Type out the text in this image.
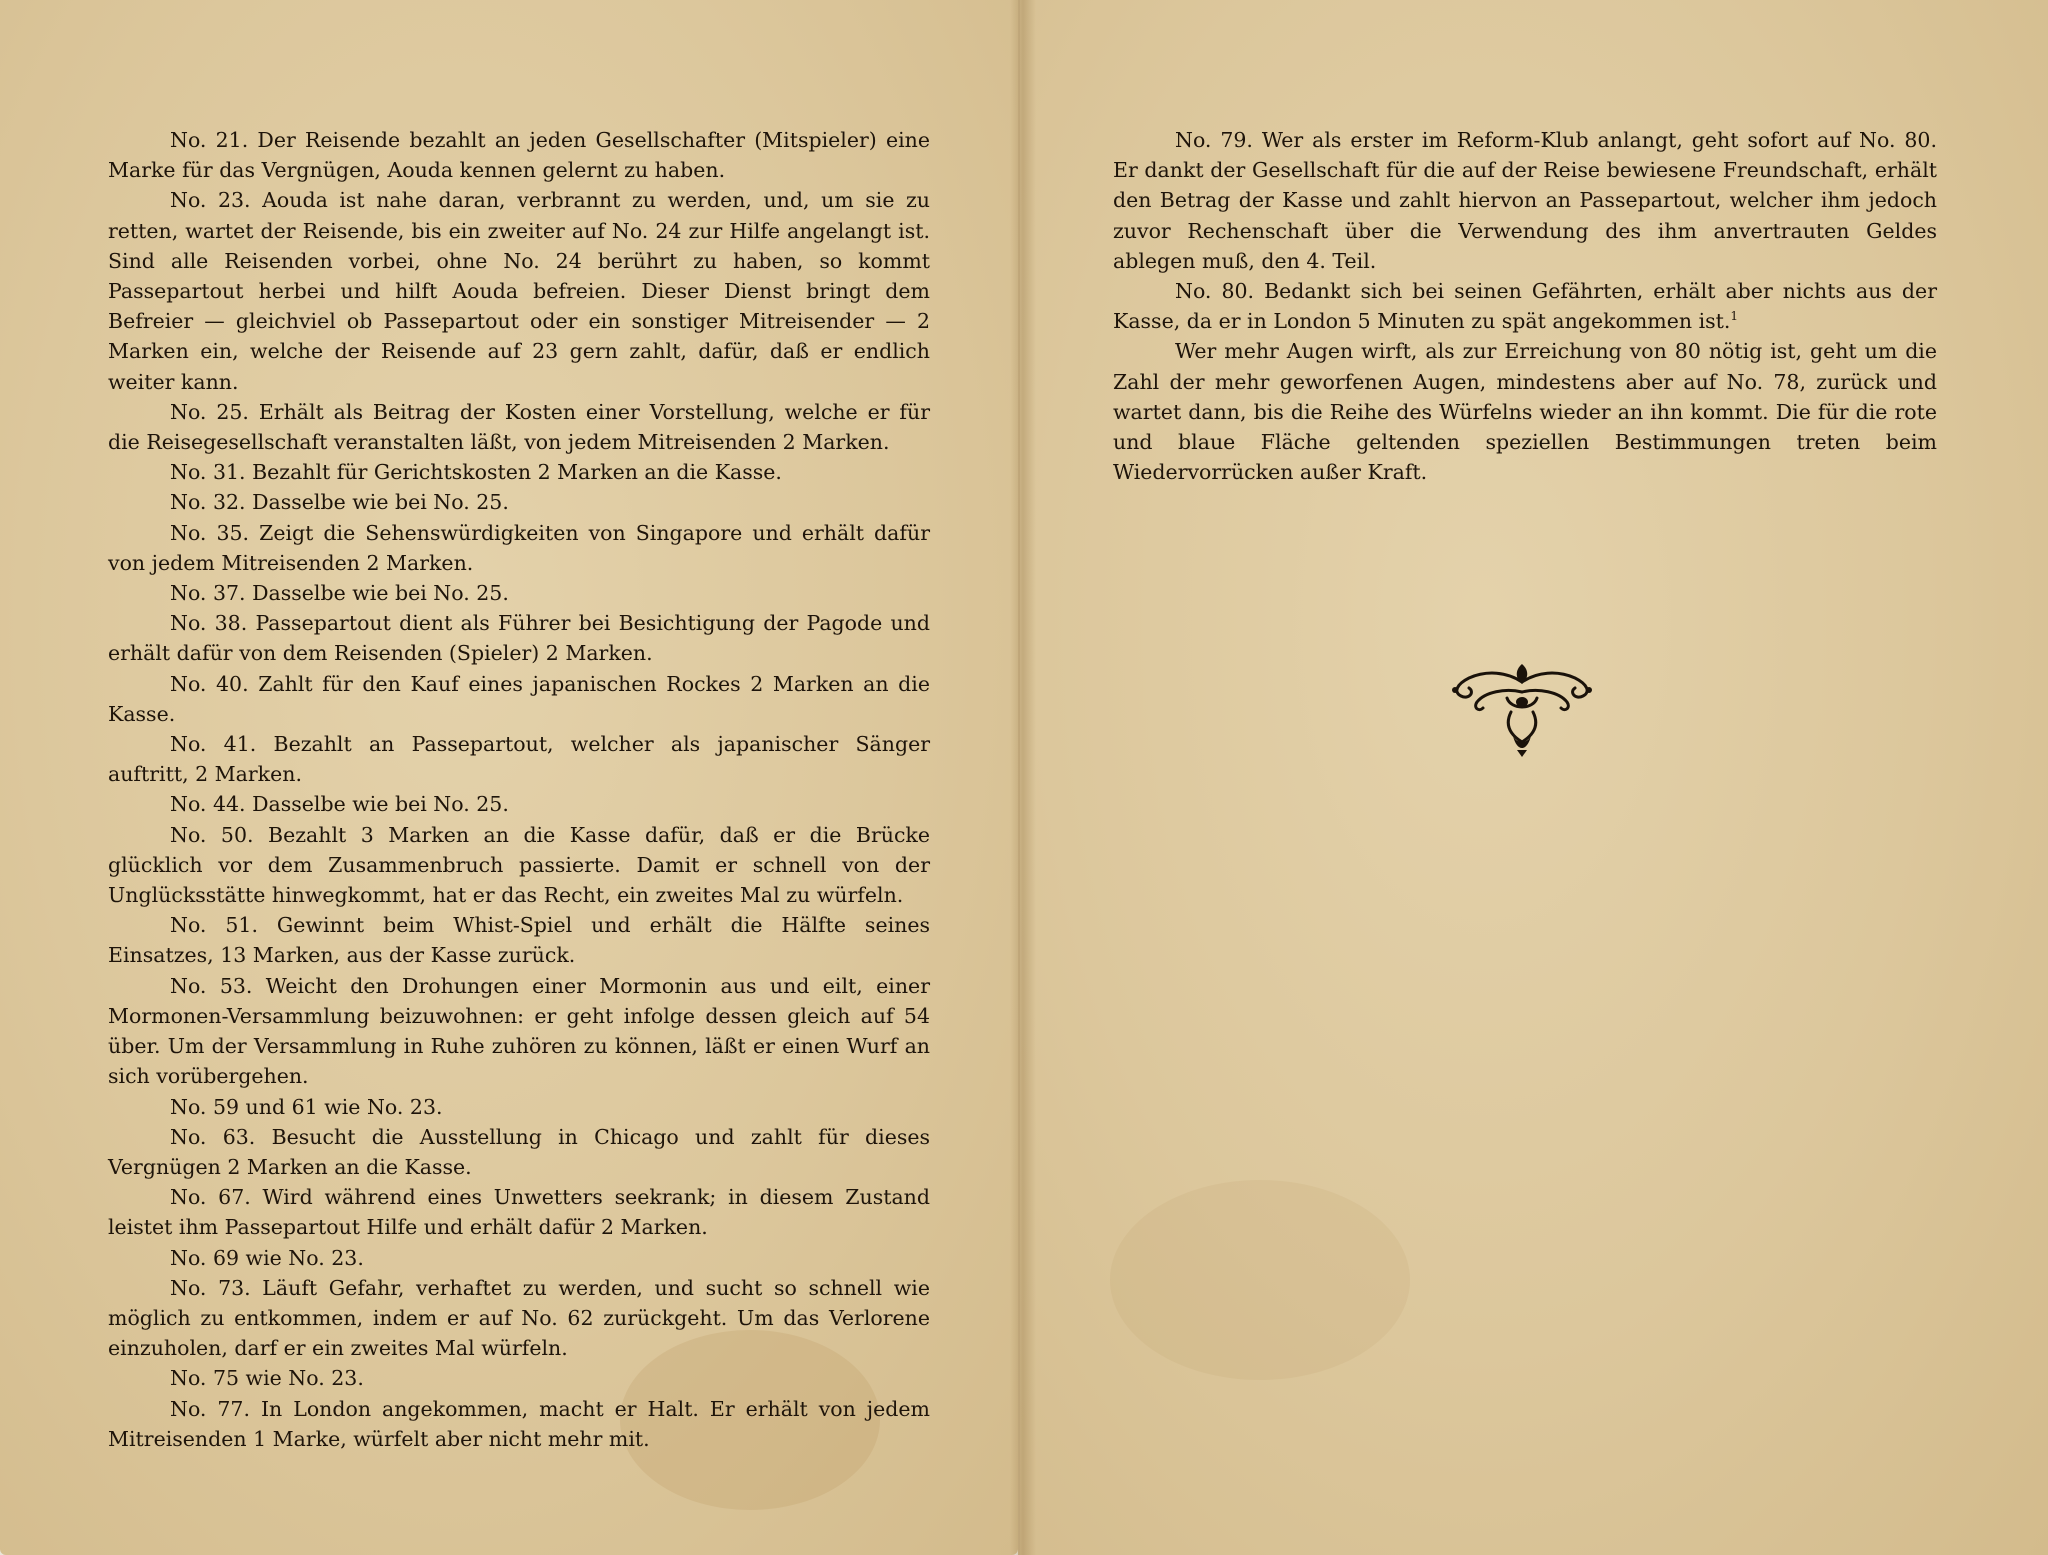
No. 21. Der Reisende bezahlt an jeden Gesellschafter (Mitspieler) eine Marke für das Vergnügen, Aouda kennen gelernt zu haben.

No. 23. Aouda ist nahe daran, verbrannt zu werden, und, um sie zu retten, wartet der Reisende, bis ein zweiter auf No. 24 zur Hilfe angelangt ist. Sind alle Reisenden vorbei, ohne No. 24 berührt zu haben, so kommt Passepartout herbei und hilft Aouda befreien. Dieser Dienst bringt dem Befreier — gleichviel ob Passepartout oder ein sonstiger Mitreisender — 2 Marken ein, welche der Reisende auf 23 gern zahlt, dafür, daß er endlich weiter kann.

No. 25. Erhält als Beitrag der Kosten einer Vorstellung, welche er für die Reisegesellschaft veranstalten läßt, von jedem Mitreisenden 2 Marken.

No. 31. Bezahlt für Gerichtskosten 2 Marken an die Kasse.

No. 32. Dasselbe wie bei No. 25.

No. 35. Zeigt die Sehenswürdigkeiten von Singapore und erhält dafür von jedem Mitreisenden 2 Marken.

No. 37. Dasselbe wie bei No. 25.

No. 38. Passepartout dient als Führer bei Besichtigung der Pagode und erhält dafür von dem Reisenden (Spieler) 2 Marken.

No. 40. Zahlt für den Kauf eines japanischen Rockes 2 Marken an die Kasse.

No. 41. Bezahlt an Passepartout, welcher als japanischer Sänger auftritt, 2 Marken.

No. 44. Dasselbe wie bei No. 25.

No. 50. Bezahlt 3 Marken an die Kasse dafür, daß er die Brücke glücklich vor dem Zusammenbruch passierte. Damit er schnell von der Unglücksstätte hinwegkommt, hat er das Recht, ein zweites Mal zu würfeln.

No. 51. Gewinnt beim Whist-Spiel und erhält die Hälfte seines Einsatzes, 13 Marken, aus der Kasse zurück.

No. 53. Weicht den Drohungen einer Mormonin aus und eilt, einer Mormonen-Versammlung beizuwohnen: er geht infolge dessen gleich auf 54 über. Um der Versammlung in Ruhe zuhören zu können, läßt er einen Wurf an sich vorübergehen.

No. 59 und 61 wie No. 23.

No. 63. Besucht die Ausstellung in Chicago und zahlt für dieses Vergnügen 2 Marken an die Kasse.

No. 67. Wird während eines Unwetters seekrank; in diesem Zustand leistet ihm Passepartout Hilfe und erhält dafür 2 Marken.

No. 69 wie No. 23.

No. 73. Läuft Gefahr, verhaftet zu werden, und sucht so schnell wie möglich zu entkommen, indem er auf No. 62 zurückgeht. Um das Verlorene einzuholen, darf er ein zweites Mal würfeln.

No. 75 wie No. 23.

No. 77. In London angekommen, macht er Halt. Er erhält von jedem Mitreisenden 1 Marke, würfelt aber nicht mehr mit.

No. 79. Wer als erster im Reform-Klub anlangt, geht sofort auf No. 80. Er dankt der Gesellschaft für die auf der Reise bewiesene Freundschaft, erhält den Betrag der Kasse und zahlt hiervon an Passepartout, welcher ihm jedoch zuvor Rechenschaft über die Verwendung des ihm anvertrauten Geldes ablegen muß, den 4. Teil.

No. 80. Bedankt sich bei seinen Gefährten, erhält aber nichts aus der Kasse, da er in London 5 Minuten zu spät angekommen ist.$^1$

Wer mehr Augen wirft, als zur Erreichung von 80 nötig ist, geht um die Zahl der mehr geworfenen Augen, mindestens aber auf No. 78, zurück und wartet dann, bis die Reihe des Würfelns wieder an ihn kommt. Die für die rote und blaue Fläche geltenden speziellen Bestimmungen treten beim Wiedervorrücken außer Kraft.
